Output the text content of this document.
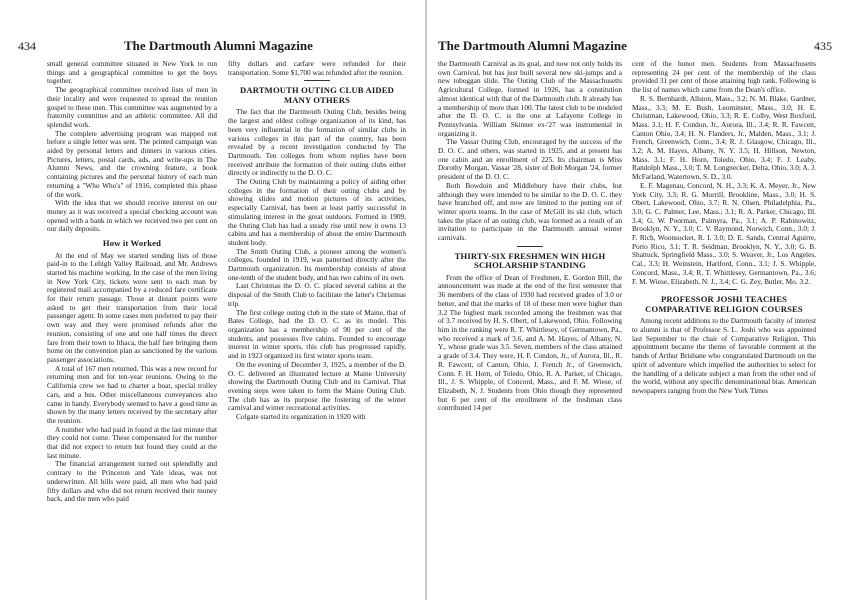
434	The Dartmouth Alumni Magazine

small general committee situated in New York to run things and a geographical committee to get the boys together.

The geographical committee received lists of men in their locality and were requested to spread the reunion gospel to these men. This committee was augmented by a fraternity committee and an athletic committee. All did splendid work.

The complete advertising program was mapped out before a single letter was sent. The printed campaign was aided by personal letters and dinners in various cities. Pictures, letters, postal cards, ads, and write-ups in The Alumni News, and the crowning feature, a book containing pictures and the personal history of each man returning a "Who Who's" of 1916, completed this phase of the work.

With the idea that we should receive interest on our money as it was received a special checking account was opened with a bank in which we received two per cent on our daily deposits.

How it Worked

At the end of May we started sending lists of those paid-in to the Lehigh Valley Railroad, and Mr. Andrews started his machine working. In the case of the men living in New York City, tickets were sent to each man by registered mail accompanied by a reduced fare certificate for their return passage. Those at distant points were asked to get their transportation from their local passenger agent. In some cases men preferred to pay their own way and they were promised refunds after the reunion, consisting of one and one half times the direct fare from their town to Ithaca, the half fare bringing them home on the convention plan as sanctioned by the various passenger associations.

A total of 167 men returned. This was a new record for returning men and for ten-year reunions. Owing to the California crew we had to charter a boat, special trolley cars, and a bus. Other miscellaneous conveyances also came in handy. Everybody seemed to have a good time as shown by the many letters received by the secretary after the reunion.

A number who had paid in found at the last minute that they could not come. These compensated for the number that did not expect to return but found they could at the last minute.

The financial arrangement turned out splendidly and contrary to the Princeton and Yale ideas, was not underwritten. All bills were paid, all men who had paid fifty dollars and who did not return received their money back, and the men who paid

fifty dollars and carfare were refunded for their transportation. Some $1,700 was refunded after the reunion.

DARTMOUTH OUTING CLUB AIDED MANY OTHERS

The fact that the Dartmouth Outing Club, besides being the largest and oldest college organization of its kind, has been very influential in the formation of similar clubs in various colleges in this part of the country, has been revealed by a recent investigation conducted by The Dartmouth. Ten colleges from whom replies have been received attribute the formation of their outing clubs either directly or indirectly to the D. O. C.

The Outing Club by maintaining a policy of aiding other colleges in the formation of their outing clubs and by showing slides and motion pictures of its activities, especially Carnival, has been at least partly successful in stimulating interest in the great outdoors. Formed in 1909, the Outing Club has had a steady rise until now it owns 13 cabins and has a membership of about the entire Dartmouth student body.

The Smith Outing Club, a pioneer among the women's colleges, founded in 1919, was patterned directly after the Dartmouth organization. Its membership consists of about one-tenth of the student body, and has two cabins of its own.

Last Christmas the D. O. C. placed several cabins at the disposal of the Smith Club to facilitate the latter's Christmas trip.

The first college outing club in the state of Maine, that of Bates College, had the D. O. C. as its model. This organization has a membership of 90 per cent of the students, and possesses five cabins. Founded to encourage interest in winter sports, this club has progressed rapidly, and in 1923 organized its first winter sports team.

On the evening of December 3, 1925, a member of the D. O. C. delivered an illustrated lecture at Maine University showing the Dartmouth Outing Club and its Carnival. That evening steps were taken to form the Maine Outing Club. The club has as its purpose the fostering of the winter carnival and winter recreational activities.

Colgate started its organization in 1920 with

The Dartmouth Alumni Magazine	435

the Dartmouth Carnival as its goal, and now not only holds its own Carnival, but has just built several new ski-jumps and a new toboggan slide. The Outing Club of the Massachusetts Agricultural College, formed in 1926, has a constitution almost identical with that of the Dartmouth club. It already has a membership of more than 100. The latest club to be modeled after the D. O. C. is the one at Lafayette College in Pennsylvania. William Skinner ex-'27 was instrumental in organizing it.

The Vassar Outing Club, encouraged by the success of the D. O. C. and others, was started in 1925, and at present has one cabin and an enrollment of 225. Its chairman is Miss Dorothy Morgan, Vassar '28, sister of Bob Morgan '24, former president of the D. O. C.

Both Bowdoin and Middlebury have their clubs, but although they were intended to be similar to the D. O. C. they have branched off, and now are limited to the putting out of winter sports teams. In the case of McGill its ski club, which takes the place of an outing club, was formed as a result of an invitation to participate in the Dartmouth annual winter carnivals.

THIRTY-SIX FRESHMEN WIN HIGH SCHOLARSHIP STANDING

From the office of Dean of Freshmen, E. Gordon Bill, the announcement was made at the end of the first semester that 36 members of the class of 1930 had received grades of 3.0 or better, and that the marks of 18 of these men were higher than 3.2 The highest mark recorded among the freshmen was that of 3.7 received by H. S. Obert, of Lakewood, Ohio. Following him in the ranking were R. T. Whittlesey, of Germantown, Pa., who received a mark of 3.6, and A. M. Hayes, of Albany, N. Y., whose grade was 3.5. Seven, members of the class attained a grade of 3.4. They were, H. F. Condon, Jr., of Aurora, Ill., R. R. Fawcett, of Canton, Ohio, J. French Jr., of Greenwich, Conn. F. H. Horn, of Toledo, Ohio, R. A. Parker, of Chicago, Ill., J. S. Whipple, of Concord, Mass., and F. M. Wiese, of Elizabeth, N. J. Students from Ohio though they represented but 6 per cent of the enrollment of the freshman class contributed 14 per

cent of the honor men. Students from Massachusetts representing 24 per cent of the membership of the class provided 31 per cent of those attaining high rank. Following is the list of names which came from the Dean's office.

R. S. Bernhardt, Allston, Mass., 3.2; N. M. Blake, Gardner, Mass., 3.3; M. E. Bush, Leominster, Mass., 3.0; H. E. Christman, Lakewood, Ohio, 3.3; R. E. Colby, West Boxford, Mass. 3.1; H. F. Condon, Jr., Aurora, Ill., 3.4; R. R. Fawcett, Canton Ohio, 3.4; H. N. Flanders, Jr., Malden, Mass., 3.1; J. French, Greenwich, Conn., 3.4; R. J. Glasgow, Chicago, Ill., 3.2; A. M. Hayes, Albany, N. Y. 3.5; H. Hillson, Newton, Mass. 3.1; F. H. Horn, Toledo, Ohio, 3.4; F. J. Leaby, Randolph Mass., 3.0; T. M. Longnecker, Delta, Ohio, 3.0; A. J. McFarland, Watertown, S. D., 3.0.

E. F. Magenau, Concord, N. H., 3.3; K. A. Meyer, Jr., New York City, 3.3; R. G. Morrill, Brookline, Mass., 3.0; H. S. Obert, Lakewood, Ohio, 3.7; R. N. Olsen, Philadelphia, Pa., 3.0; G. C. Palmer, Lee, Mass.; 3.1; R. A. Parker, Chicago, Ill. 3.4; G. W. Poorman, Palmyra, Pa., 3.1; A. P. Rabinowitz, Brooklyn, N. Y., 3.0; C. V. Raymond, Norwich, Conn., 3.0; J. F. Rich, Woonsocket, R. I. 3.0; D. E. Sands, Central Aguirre, Porto Rico, 3.1; T. R. Seidman, Brooklyn, N. Y., 3.0; G. B. Shattuck, Springfield Mass., 3.0; S. Weaver, Jr., Los Angeles, Cal., 3.3; H. Weinstein, Hartford, Conn., 3.1; J. S. Whipple, Concord, Mass., 3.4; R. T. Whittlesey, Germantown, Pa., 3.6; F. M. Wiese, Elizabeth, N. J., 3.4; C. G. Zey, Butler, Mo. 3.2.

PROFESSOR JOSHI TEACHES COMPARATIVE RELIGION COURSES

Among recent additions to the Dartmouth faculty of interest to alumni is that of Professor S. L. Joshi who was appointed last September to the chair of Comparative Religion. This appointment became the theme of favorable comment at the bands of Arthur Brisbane who congratulated Dartmouth on the spirit of adventure which impelled the authorities to select for the handling of a delicate subject a man from the other end of the world, without any specific denominational bias. American newspapers ranging from the New York Times
